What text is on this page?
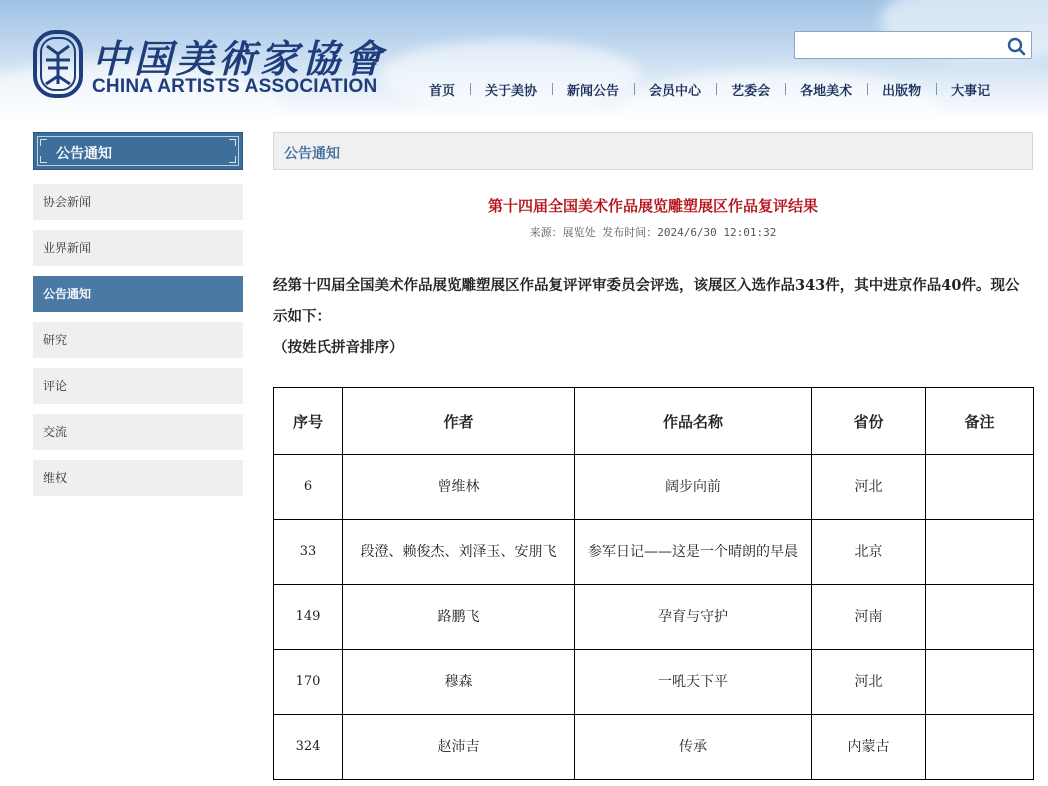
中国美術家協會
CHINA ARTISTS ASSOCIATION	首页	关于美协	新闻公告	会员中心	艺委会	各地美术	出版物	大事记
公告通知
协会新闻
业界新闻
公告通知
研究
评论
交流
维权
公告通知
第十四届全国美术作品展览雕塑展区作品复评结果
来源：展览处 发布时间：2024/6/30 12:01:32
经第十四届全国美术作品展览雕塑展区作品复评评审委员会评选，该展区入选作品343件，其中进京作品40件。现公示如下：
（按姓氏拼音排序）
序号	作者	作品名称	省份	备注
6	曾维林	阔步向前	河北	
33	段澄、赖俊杰、刘泽玉、安朋飞	参军日记——这是一个晴朗的早晨	北京	
149	路鹏飞	孕育与守护	河南	
170	穆森	一吼天下平	河北	
324	赵沛吉	传承	内蒙古	
